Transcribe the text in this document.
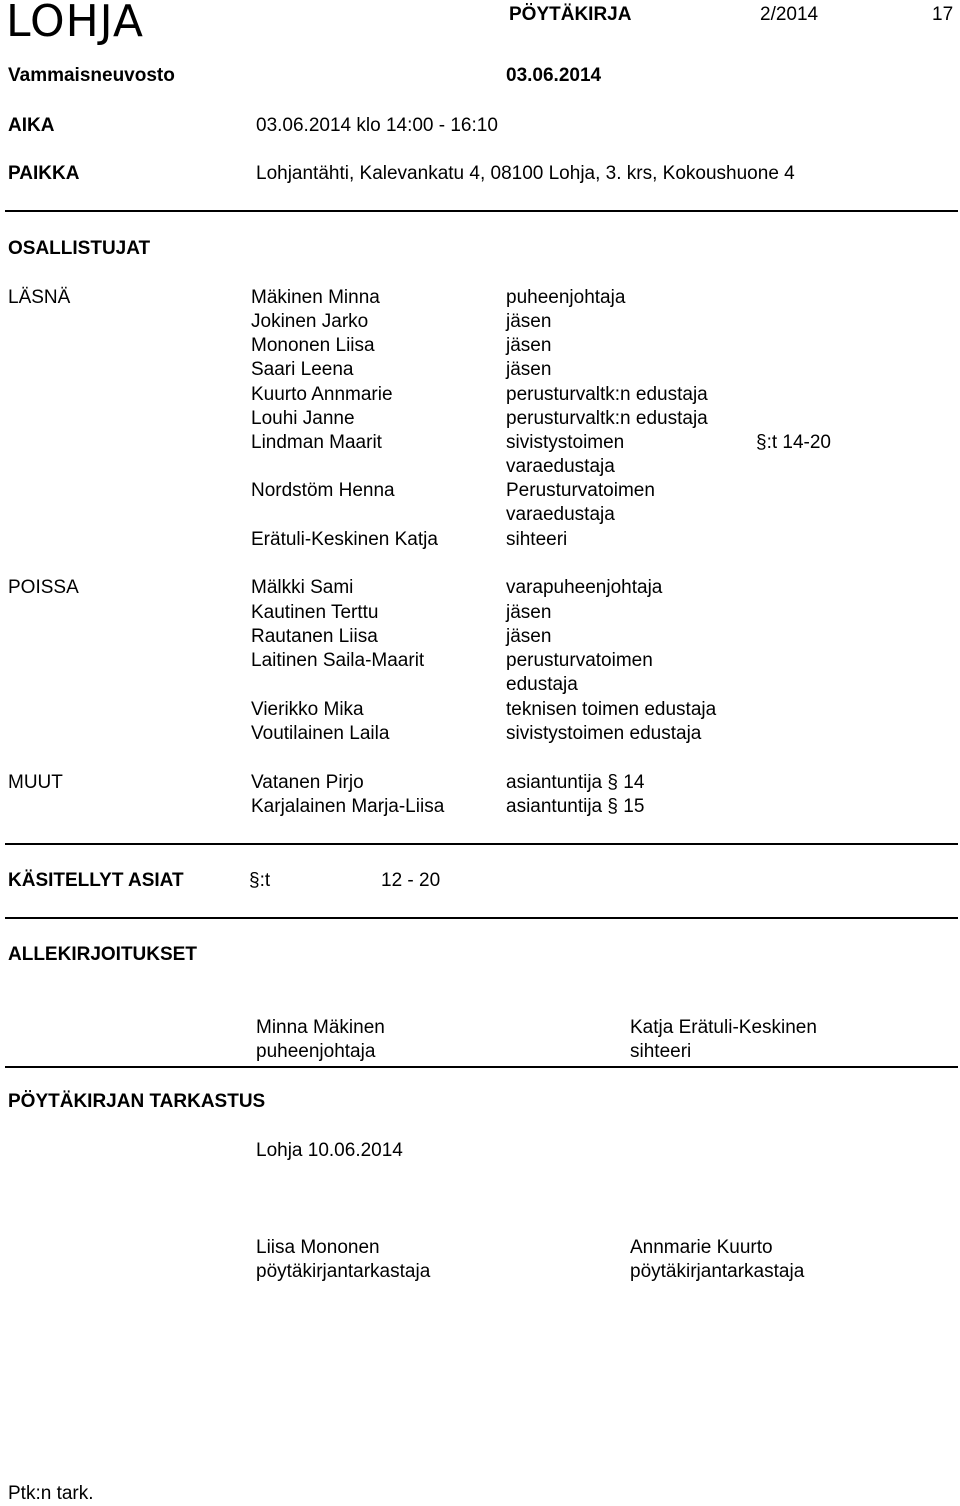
LOHJA	PÖYTÄKIRJA	2/2014	17
Vammaisneuvosto	03.06.2014
AIKA	03.06.2014 klo 14:00 - 16:10
PAIKKA	Lohjantähti, Kalevankatu 4, 08100 Lohja, 3. krs, Kokoushuone 4
OSALLISTUJAT
LÄSNÄ	Mäkinen Minna	puheenjohtaja
Jokinen Jarko	jäsen
Mononen Liisa	jäsen
Saari Leena	jäsen
Kuurto Annmarie	perusturvaltk:n edustaja
Louhi Janne	perusturvaltk:n edustaja
Lindman Maarit	sivistystoimen	§:t 14-20
varaedustaja
Nordstöm Henna	Perusturvatoimen
varaedustaja
Erätuli-Keskinen Katja	sihteeri
POISSA	Mälkki Sami	varapuheenjohtaja
Kautinen Terttu	jäsen
Rautanen Liisa	jäsen
Laitinen Saila-Maarit	perusturvatoimen
edustaja
Vierikko Mika	teknisen toimen edustaja
Voutilainen Laila	sivistystoimen edustaja
MUUT	Vatanen Pirjo	asiantuntija § 14
Karjalainen Marja-Liisa	asiantuntija § 15
KÄSITELLYT ASIAT	§:t	12 - 20
ALLEKIRJOITUKSET
Minna Mäkinen
puheenjohtaja
Katja Erätuli-Keskinen
sihteeri
PÖYTÄKIRJAN TARKASTUS
Lohja 10.06.2014
Liisa Mononen
pöytäkirjantarkastaja
Annmarie Kuurto
pöytäkirjantarkastaja
Ptk:n tark.
